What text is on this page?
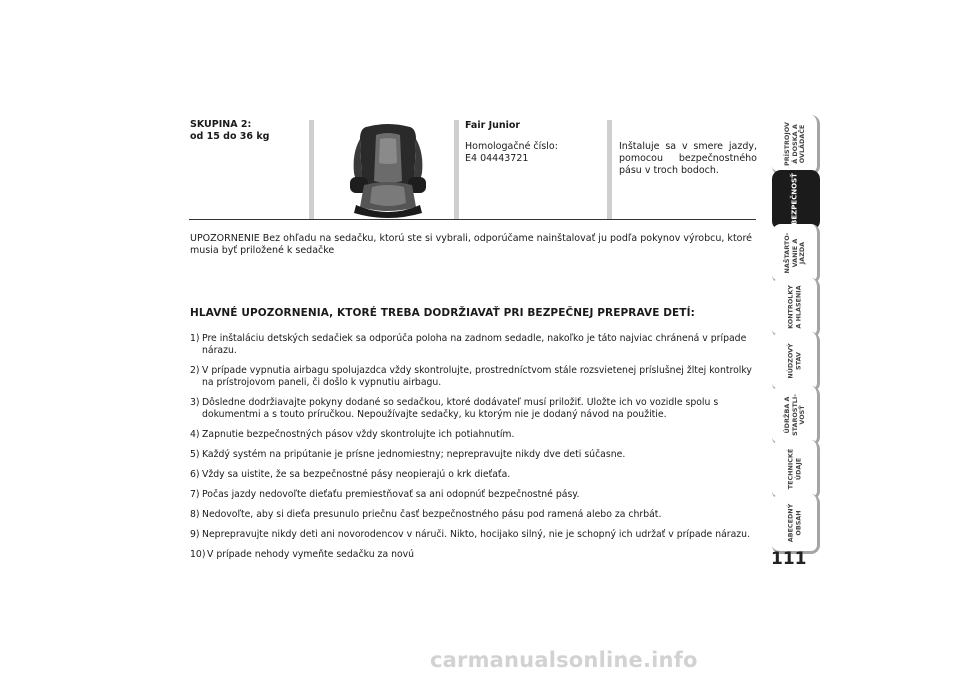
SKUPINA 2:
od 15 do 36 kg
Fair Junior
Homologačné číslo:
E4 04443721
Inštaluje sa v smere jazdy, pomocou bezpečnostného pásu v troch bodoch.
UPOZORNENIE Bez ohľadu na sedačku, ktorú ste si vybrali, odporúčame nainštalovať ju podľa pokynov výrobcu, ktoré musia byť priložené k sedačke
HLAVNÉ UPOZORNENIA, KTORÉ TREBA DODRŽIAVAŤ PRI BEZPEČNEJ PREPRAVE DETÍ:
1) Pre inštaláciu detských sedačiek sa odporúča poloha na zadnom sedadle, nakoľko je táto najviac chránená v prípade nárazu.
2) V prípade vypnutia airbagu spolujazdca vždy skontrolujte, prostredníctvom stále rozsvietenej príslušnej žltej kontrolky na prístrojovom paneli, či došlo k vypnutiu airbagu.
3) Dôsledne dodržiavajte pokyny dodané so sedačkou, ktoré dodávateľ musí priložiť. Uložte ich vo vozidle spolu s dokumentmi a s touto príručkou. Nepoužívajte sedačky, ku ktorým nie je dodaný návod na použitie.
4) Zapnutie bezpečnostných pásov vždy skontrolujte ich potiahnutím.
5) Každý systém na pripútanie je prísne jednomiestny; neprepravujte nikdy dve deti súčasne.
6) Vždy sa uistite, že sa bezpečnostné pásy neopierajú o krk dieťaťa.
7) Počas jazdy nedovoľte dieťaťu premiestňovať sa ani odopnúť bezpečnostné pásy.
8) Nedovoľte, aby si dieťa presunulo priečnu časť bezpečnostného pásu pod ramená alebo za chrbát.
9) Neprepravujte nikdy deti ani novorodencov v náruči. Nikto, hocijako silný, nie je schopný ich udržať v prípade nárazu.
10) V prípade nehody vymeňte sedačku za novú
PRÍSTROJOV
Á DOSKA A
OVLÁDAČE
BEZPEČNOSŤ
NAŠTARTO-
VANIE A
JAZDA
KONTROLKY
A HLÁSENIA
NÚDZOVÝ
STAV
ÚDRŽBA A
STAROSTLI-
VOSŤ
TECHNICKÉ
ÚDAJE
ABECEDNÝ
OBSAH
111
carmanualsonline.info
